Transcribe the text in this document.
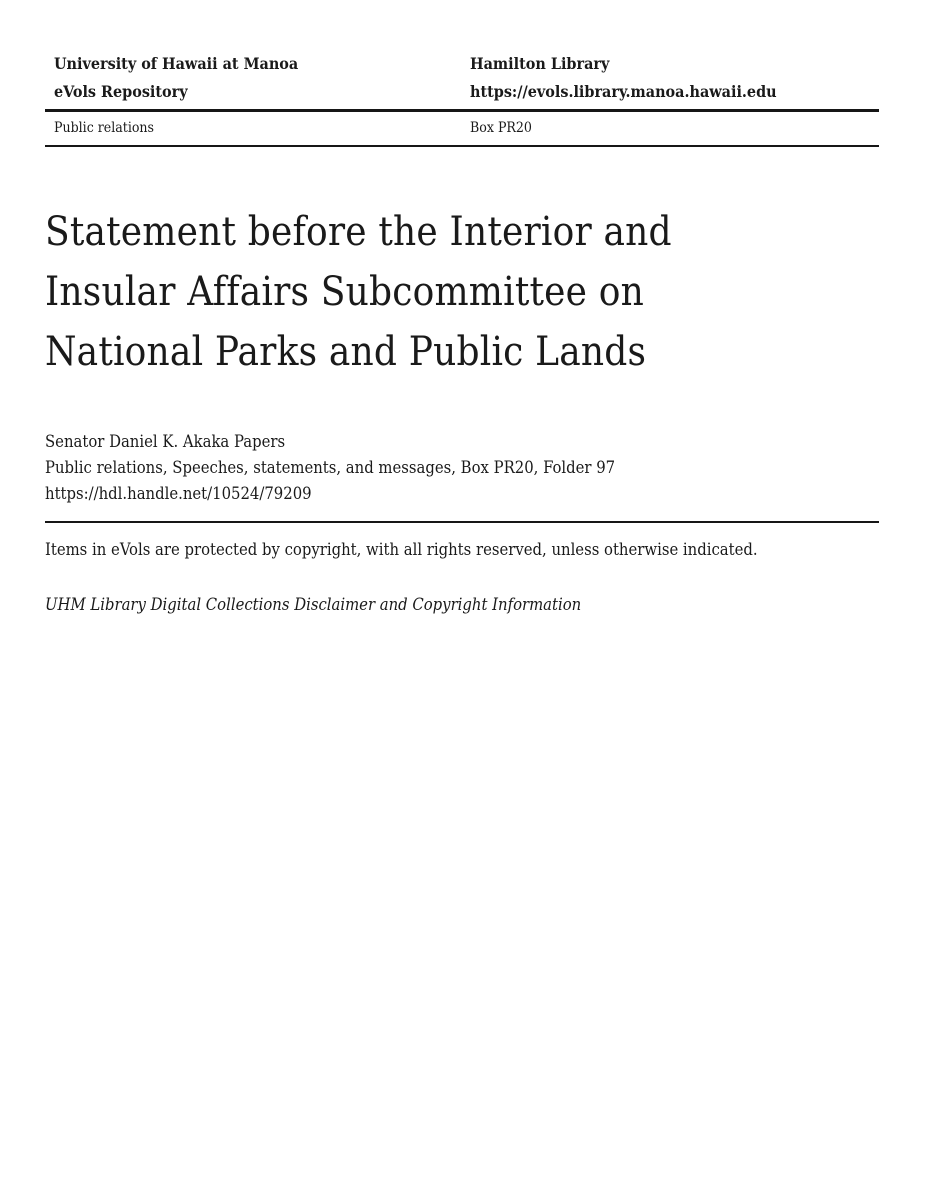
University of Hawaii at Manoa
eVols Repository
Hamilton Library
https://evols.library.manoa.hawaii.edu
Public relations	Box PR20
Statement before the Interior and
Insular Affairs Subcommittee on
National Parks and Public Lands
Senator Daniel K. Akaka Papers
Public relations, Speeches, statements, and messages, Box PR20, Folder 97
https://hdl.handle.net/10524/79209
Items in eVols are protected by copyright, with all rights reserved, unless otherwise indicated.
UHM Library Digital Collections Disclaimer and Copyright Information
